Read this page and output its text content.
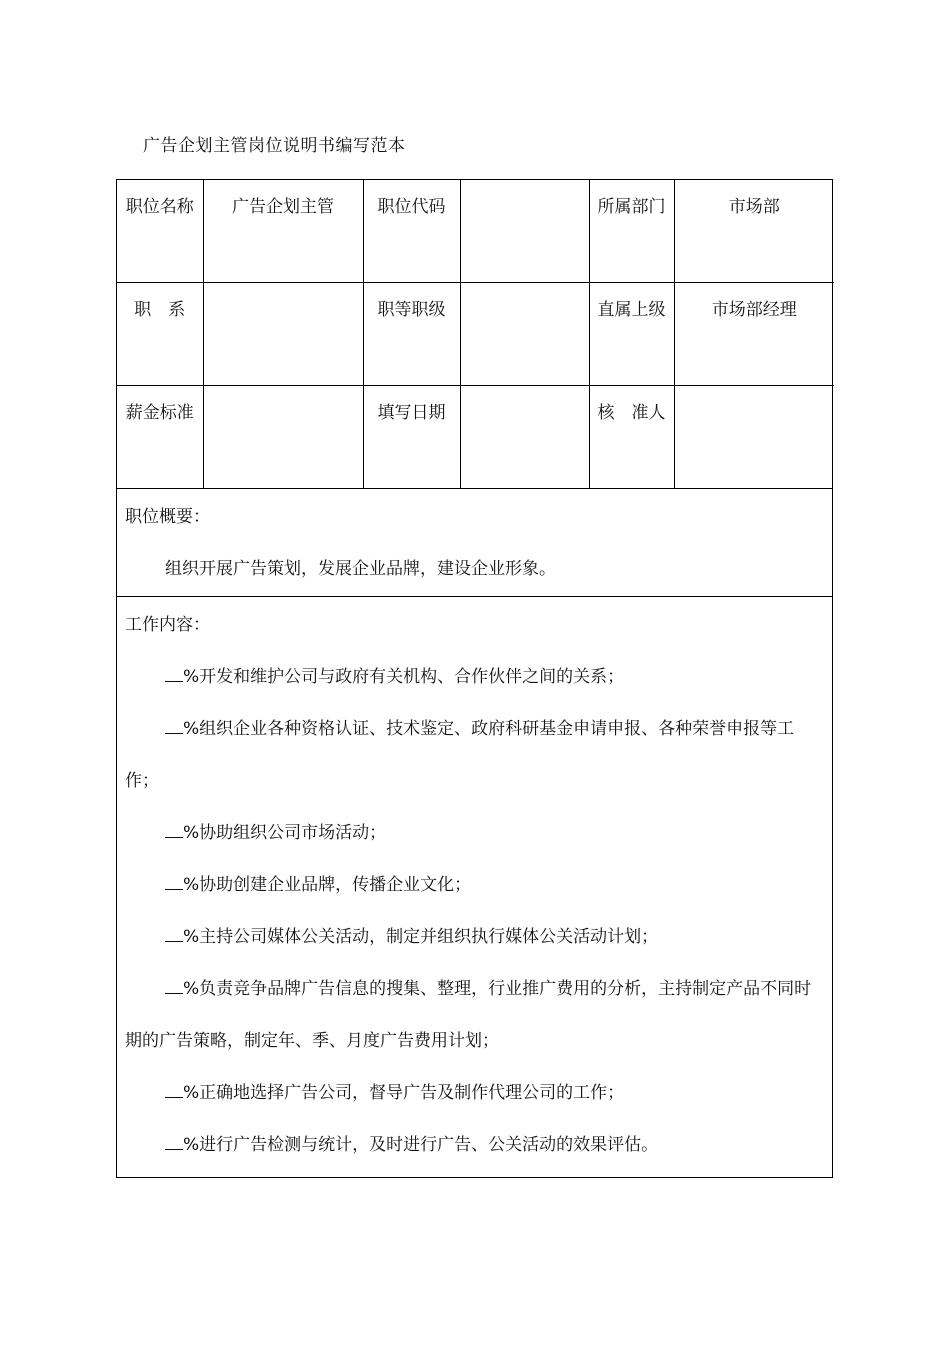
广告企划主管岗位说明书编写范本
职位名称	广告企划主管	职位代码		所属部门	市场部

职　系		职等职级		直属上级	市场部经理

薪金标准		填写日期		核　准人	

职位概要：

组织开展广告策划，发展企业品牌，建设企业形象。

工作内容：

%开发和维护公司与政府有关机构、合作伙伴之间的关系；

%组织企业各种资格认证、技术鉴定、政府科研基金申请申报、各种荣誉申报等工作；

%协助组织公司市场活动；

%协助创建企业品牌，传播企业文化；

%主持公司媒体公关活动，制定并组织执行媒体公关活动计划；

%负责竞争品牌广告信息的搜集、整理，行业推广费用的分析，主持制定产品不同时期的广告策略，制定年、季、月度广告费用计划；

%正确地选择广告公司，督导广告及制作代理公司的工作；

%进行广告检测与统计，及时进行广告、公关活动的效果评估。
